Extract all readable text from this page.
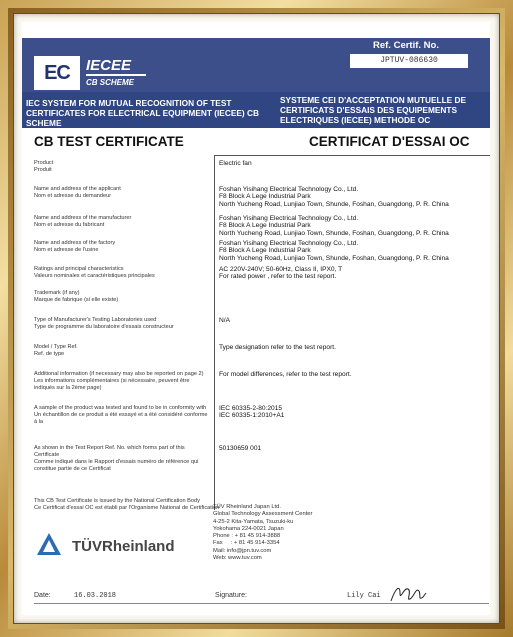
EC	IECEE
CB SCHEME
Ref. Certif. No.
JPTUV-086630
IEC SYSTEM FOR MUTUAL RECOGNITION OF TEST CERTIFICATES FOR ELECTRICAL EQUIPMENT (IECEE) CB SCHEME
SYSTEME CEI D'ACCEPTATION MUTUELLE DE CERTIFICATS D'ESSAIS DES EQUIPEMENTS ELECTRIQUES (IECEE) METHODE OC
CB TEST CERTIFICATE	CERTIFICAT D'ESSAI OC
Product
Produit
Electric fan
Name and address of the applicant
Nom et adresse du demandeur
Foshan Yisihang Electrical Technology Co., Ltd.
F8 Block A Lege Industrial Park
North Yucheng Road, Lunjiao Town, Shunde, Foshan, Guangdong, P. R. China
Name and address of the manufacturer
Nom et adresse du fabricant
Foshan Yisihang Electrical Technology Co., Ltd.
F8 Block A Lege Industrial Park
North Yucheng Road, Lunjiao Town, Shunde, Foshan, Guangdong, P. R. China
Name and address of the factory
Nom et adresse de l'usine
Foshan Yisihang Electrical Technology Co., Ltd.
F8 Block A Lege Industrial Park
North Yucheng Road, Lunjiao Town, Shunde, Foshan, Guangdong, P. R. China
Ratings and principal characteristics
Valeurs nominales et caractéristiques principales
AC 220V-240V; 50-60Hz, Class II, IPX0, T
For rated power , refer to the test report.
Trademark (if any)
Marque de fabrique (si elle existe)
Type of Manufacturer's Testing Laboratories used
Type de programme du laboratoire d'essais constructeur
N/A
Model / Type Ref.
Ref. de type
Type designation refer to the test report.
Additional information (if necessary may also be reported on page 2)
Les informations complémentaires (si nécessaire, peuvent être indiqués sur la 2ème page)
For model differences, refer to the test report.
A sample of the product was tested and found to be in conformity with
Un échantillon de ce produit a été essayé et a été considéré conforme à la
IEC 60335-2-80:2015
IEC 60335-1:2010+A1
As shown in the Test Report Ref. No. which forms part of this Certificate
Comme indiqué dans le Rapport d'essais numéro de référence qui constitue partie de ce Certificat
50130659 001
This CB Test Certificate is issued by the National Certification Body
Ce Certificat d'essai OC est établi par l'Organisme National de Certification
TÜVRheinland
TÜV Rheinland Japan Ltd.
Global Technology Assessment Center
4-25-2 Kita-Yamata, Tsuzuki-ku
Yokohama 224-0021 Japan
Phone : + 81 45 914-3888
Fax     : + 81 45 914-3354
Mail: info@jpn.tuv.com
Web: www.tuv.com
Date:	16.03.2018	Signature:	Lily Cai
